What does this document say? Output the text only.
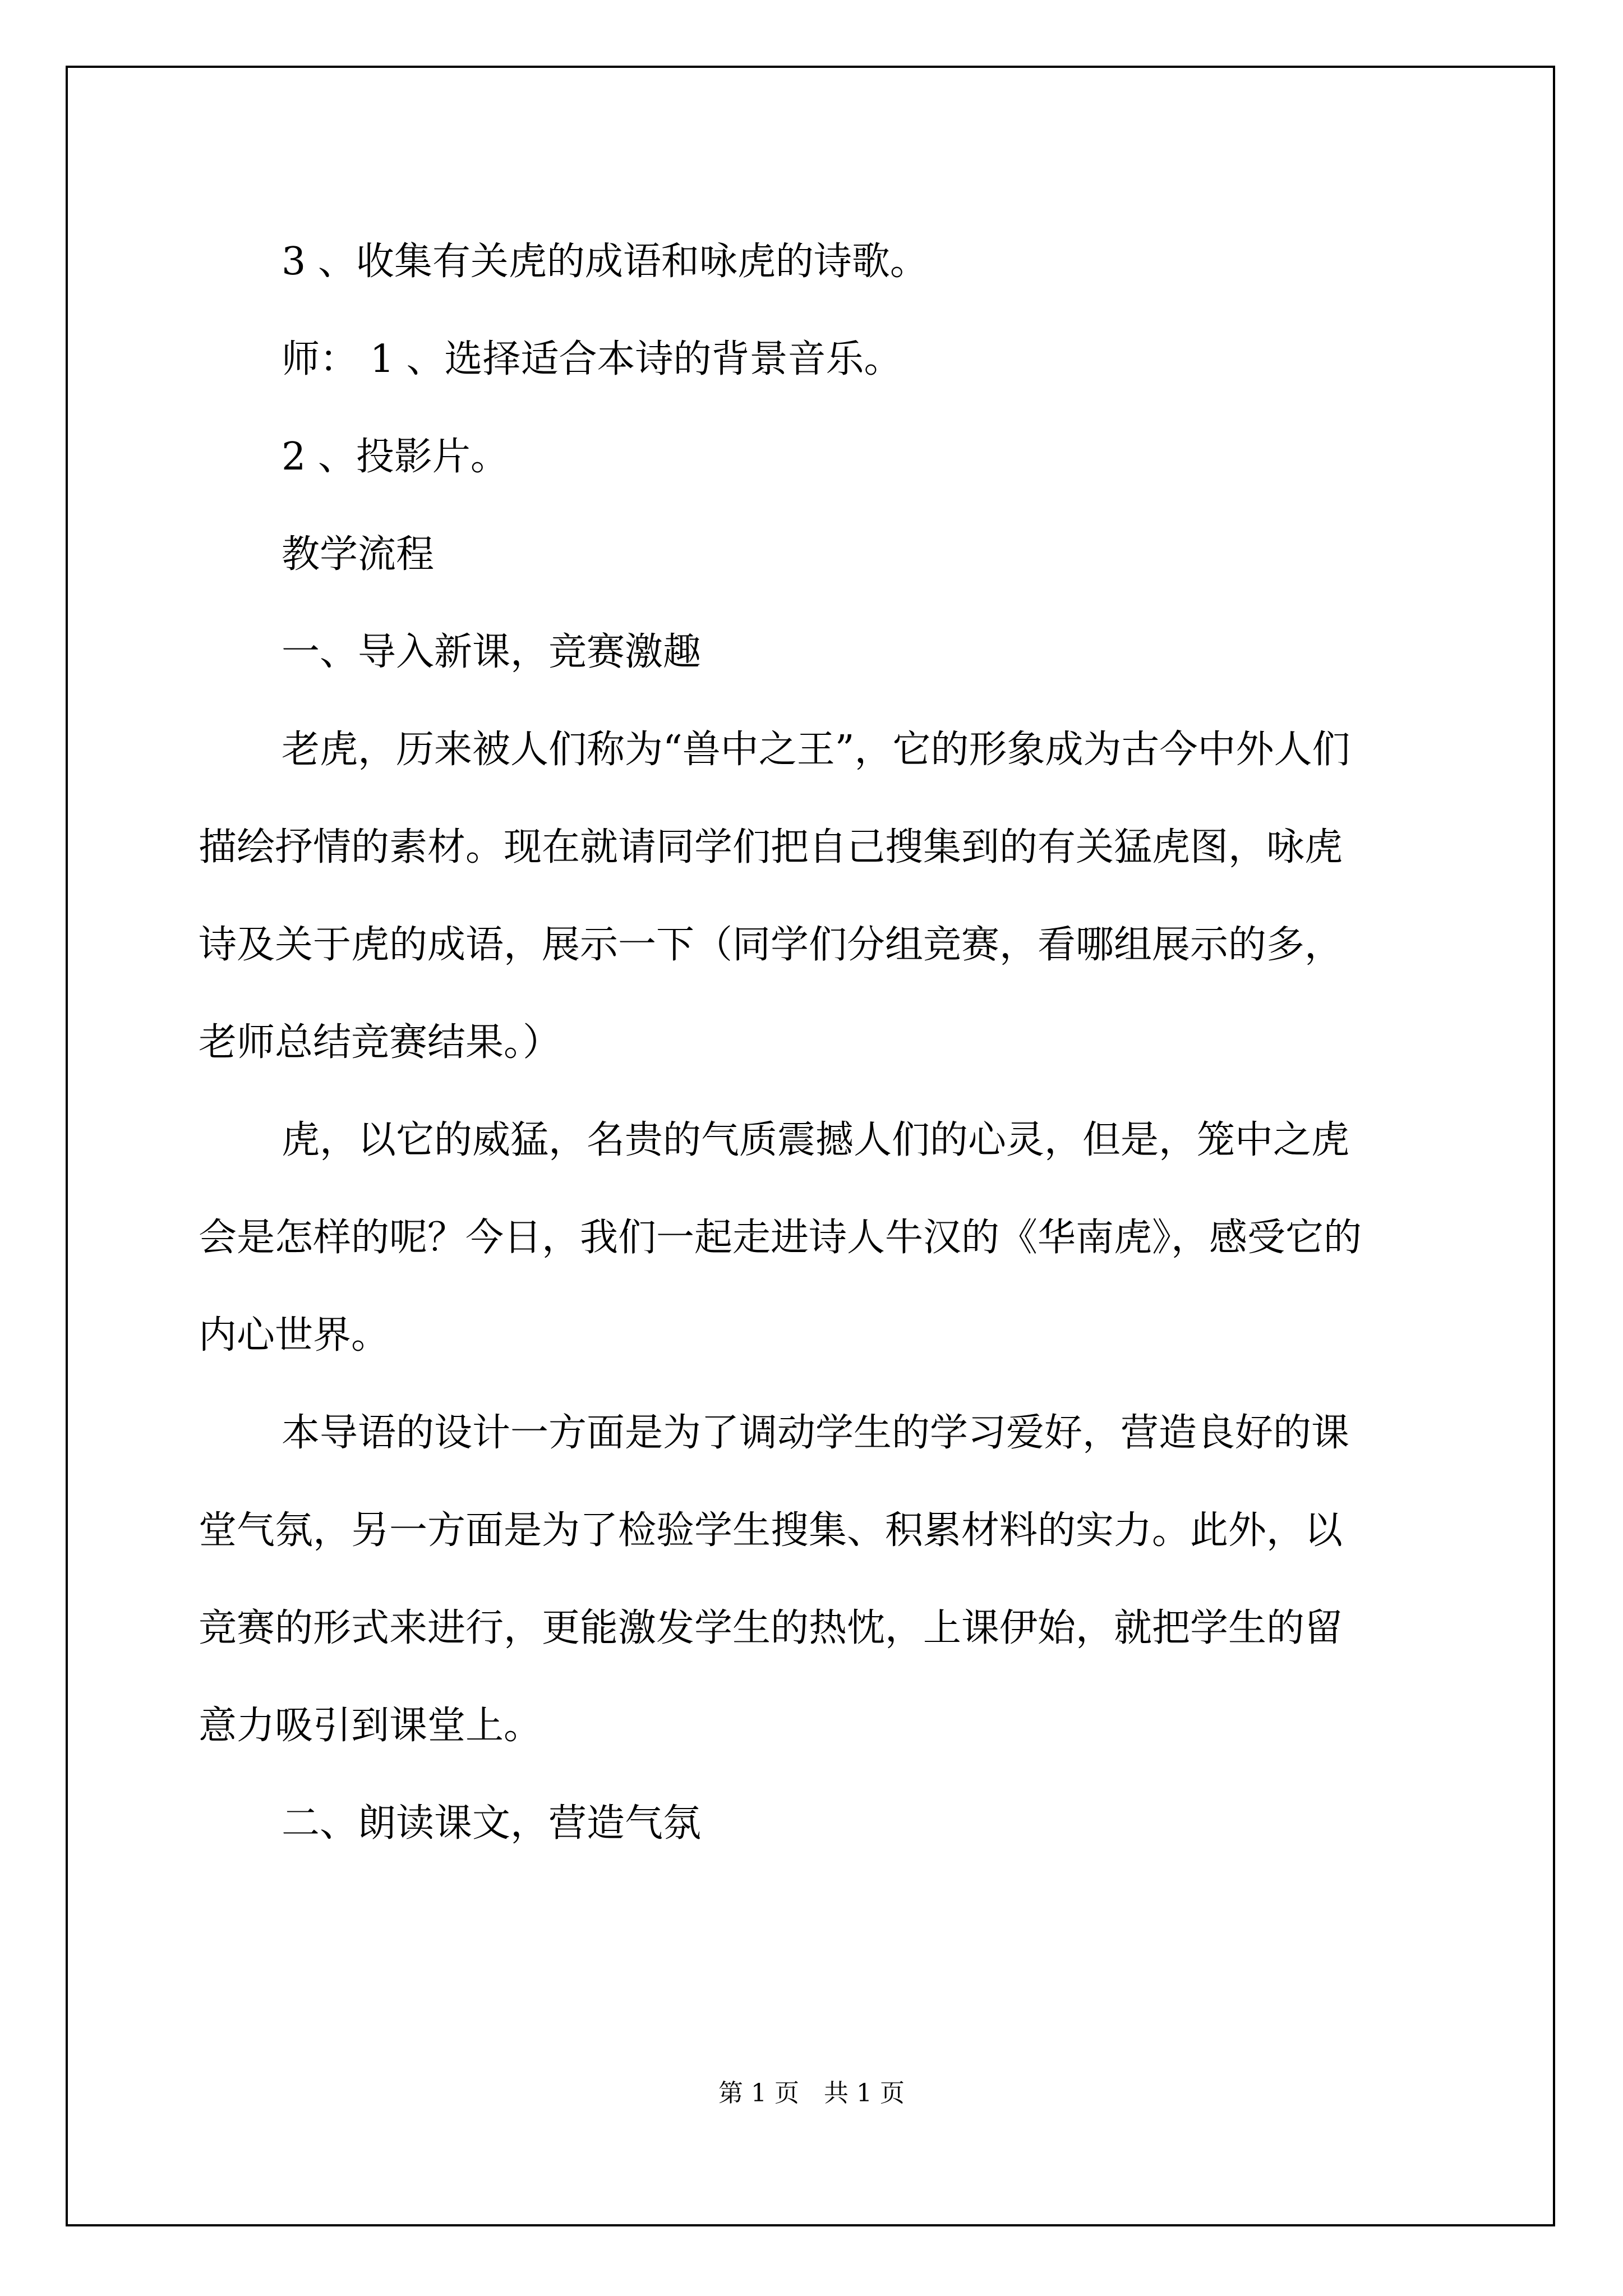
3 、收集有关虎的成语和咏虎的诗歌。
师： 1 、选择适合本诗的背景音乐。
2 、投影片。
教学流程
一、导入新课，竞赛激趣
老虎，历来被人们称为“兽中之王”，它的形象成为古今中外人们
描绘抒情的素材。现在就请同学们把自己搜集到的有关猛虎图，咏虎
诗及关于虎的成语，展示一下（同学们分组竞赛，看哪组展示的多，
老师总结竞赛结果。）
虎，以它的威猛，名贵的气质震撼人们的心灵，但是，笼中之虎
会是怎样的呢？今日，我们一起走进诗人牛汉的《华南虎》，感受它的
内心世界。
本导语的设计一方面是为了调动学生的学习爱好，营造良好的课
堂气氛，另一方面是为了检验学生搜集、积累材料的实力。此外，以
竞赛的形式来进行，更能激发学生的热忱，上课伊始，就把学生的留
意力吸引到课堂上。
二、朗读课文，营造气氛
第 1 页　共 1 页
